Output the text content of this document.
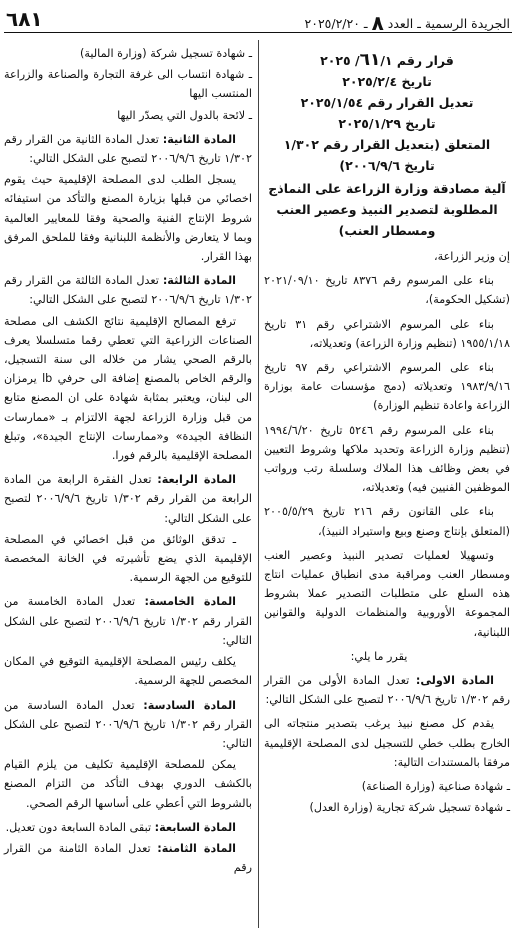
الجريدة الرسمية ـ العدد ٨ ـ ٢٠٢٥/٢/٢٠
٦٨١
قرار رقم ٦١/١/ ٢٠٢٥
تاريخ ٢٠٢٥/٢/٤
تعديل القرار رقم ٢٠٢٥/١/٥٤
تاريخ ٢٠٢٥/١/٢٩
المتعلق (بتعديل القرار رقم ١/٣٠٢
تاريخ ٢٠٠٦/٩/٦)
آلية مصادقة وزارة الزراعة على النماذج المطلوبة لتصدير النبيذ وعصير العنب ومسطار العنب)

إن وزير الزراعة،

بناء على المرسوم رقم ٨٣٧٦ تاريخ ٢٠٢١/٠٩/١٠ (تشكيل الحكومة)،

بناء على المرسوم الاشتراعي رقم ٣١ تاريخ ١٩٥٥/١/١٨ (تنظيم وزارة الزراعة) وتعديلاته،

بناء على المرسوم الاشتراعي رقم ٩٧ تاريخ ١٩٨٣/٩/١٦ وتعديلاته (دمج مؤسسات عامة بوزارة الزراعة واعادة تنظيم الوزارة)

بناء على المرسوم رقم ٥٢٤٦ تاريخ ١٩٩٤/٦/٢٠ (تنظيم وزارة الزراعة وتحديد ملاكها وشروط التعيين في بعض وظائف هذا الملاك وسلسلة رتب ورواتب الموظفين الفنيين فيه) وتعديلاته،

بناء على القانون رقم ٢١٦ تاريخ ٢٠٠٥/٥/٢٩ (المتعلق بإنتاج وصنع وبيع واستيراد النبيذ)،

وتسهيلا لعمليات تصدير النبيذ وعصير العنب ومسطار العنب ومراقبة مدى انطباق عمليات انتاج هذه السلع على متطلبات التصدير عملا بشروط المجموعة الأوروبية والمنظمات الدولية والقوانين اللبنانية،

يقرر ما يلي:

المادة الاولى: تعدل المادة الأولى من القرار رقم ١/٣٠٢ تاريخ ٢٠٠٦/٩/٦ لتصبح على الشكل التالي:

يقدم كل مصنع نبيذ يرغب بتصدير منتجاته الى الخارج بطلب خطي للتسجيل لدى المصلحة الإقليمية مرفقا بالمستندات التالية:

ـ شهادة صناعية (وزارة الصناعة)

ـ شهادة تسجيل شركة تجارية (وزارة العدل)

ـ شهادة تسجيل شركة (وزارة المالية)

ـ شهادة انتساب الى غرفة التجارة والصناعة والزراعة المنتسب اليها

ـ لائحة بالدول التي يصدّر اليها

المادة الثانية: تعدل المادة الثانية من القرار رقم ١/٣٠٢ تاريخ ٢٠٠٦/٩/٦ لتصبح على الشكل التالي:

يسجل الطلب لدى المصلحة الإقليمية حيث يقوم اخصائي من قبلها بزيارة المصنع والتأكد من استيفائه شروط الإنتاج الفنية والصحية وفقا للمعايير العالمية وبما لا يتعارض والأنظمة اللبنانية وفقا للملحق المرفق بهذا القرار.

المادة الثالثة: تعدل المادة الثالثة من القرار رقم ١/٣٠٢ تاريخ ٢٠٠٦/٩/٦ لتصبح على الشكل التالي:

ترفع المصالح الإقليمية نتائج الكشف الى مصلحة الصناعات الزراعية التي تعطي رقما متسلسلا يعرف بالرقم الصحي يشار من خلاله الى سنة التسجيل، والرقم الخاص بالمصنع إضافة الى حرفي lb يرمزان الى لبنان، ويعتبر بمثابة شهادة على ان المصنع متابع من قبل وزارة الزراعة لجهة الالتزام بـ «ممارسات النظافة الجيدة» و«ممارسات الإنتاج الجيدة»، وتبلغ المصلحة الإقليمية بالرقم فورا.

المادة الرابعة: تعدل الفقرة الرابعة من المادة الرابعة من القرار رقم ١/٣٠٢ تاريخ ٢٠٠٦/٩/٦ لتصبح على الشكل التالي:

ـ تدقق الوثائق من قبل اخصائي في المصلحة الإقليمية الذي يضع تأشيرته في الخانة المخصصة للتوقيع من الجهة الرسمية.

المادة الخامسة: تعدل المادة الخامسة من القرار رقم ١/٣٠٢ تاريخ ٢٠٠٦/٩/٦ لتصبح على الشكل التالي:

يكلف رئيس المصلحة الإقليمية التوقيع في المكان المخصص للجهة الرسمية.

المادة السادسة: تعدل المادة السادسة من القرار رقم ١/٣٠٢ تاريخ ٢٠٠٦/٩/٦ لتصبح على الشكل التالي:

يمكن للمصلحة الإقليمية تكليف من يلزم القيام بالكشف الدوري بهدف التأكد من التزام المصنع بالشروط التي أعطي على أساسها الرقم الصحي.

المادة السابعة: تبقى المادة السابعة دون تعديل.

المادة الثامنة: تعدل المادة الثامنة من القرار رقم
